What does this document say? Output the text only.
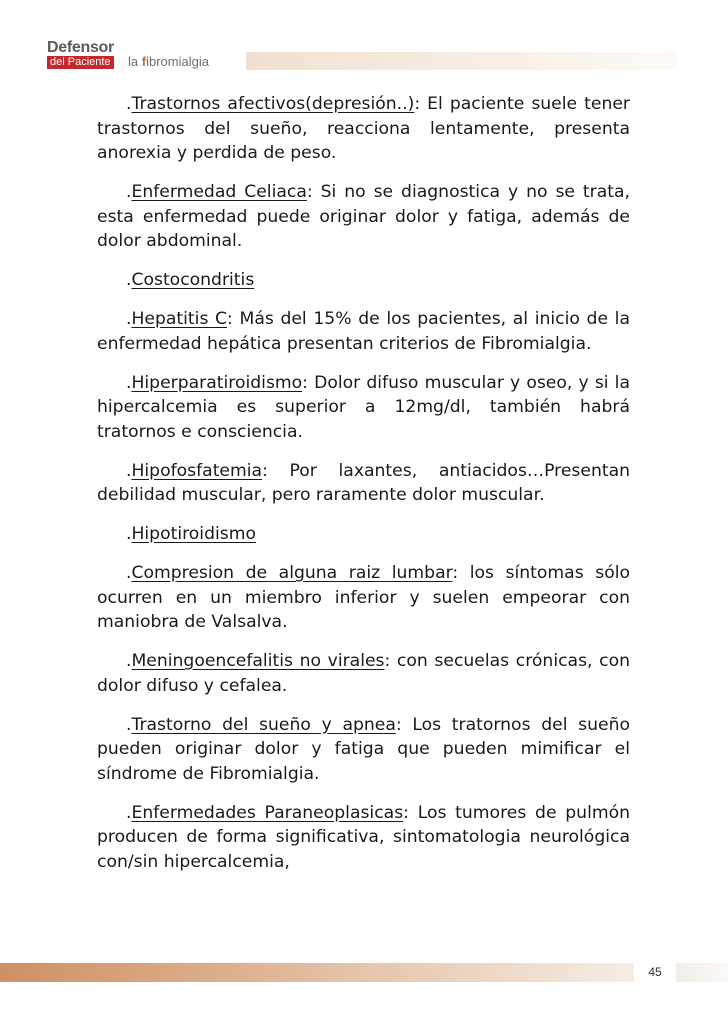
Defensor
del Paciente la fibromialgia

.Trastornos afectivos(depresión..): El paciente suele tener trastornos del sueño, reacciona lentamente, presenta anorexia y perdida de peso.

.Enfermedad Celiaca: Si no se diagnostica y no se trata, esta enfermedad puede originar dolor y fatiga, además de dolor abdominal.

.Costocondritis

.Hepatitis C: Más del 15% de los pacientes, al inicio de la enfermedad hepática presentan criterios de Fibromialgia.

.Hiperparatiroidismo: Dolor difuso muscular y oseo, y si la hipercalcemia es superior a 12mg/dl, también habrá tratornos e consciencia.

.Hipofosfatemia: Por laxantes, antiacidos…Presentan debilidad muscular, pero raramente dolor muscular.

.Hipotiroidismo

.Compresion de alguna raiz lumbar: los síntomas sólo ocurren en un miembro inferior y suelen empeorar con maniobra de Valsalva.

.Meningoencefalitis no virales: con secuelas crónicas, con dolor difuso y cefalea.

.Trastorno del sueño y apnea: Los tratornos del sueño pueden originar dolor y fatiga que pueden mimificar el síndrome de Fibromialgia.

.Enfermedades Paraneoplasicas: Los tumores de pulmón producen de forma significativa, sintomatologia neurológica con/sin hipercalcemia,

45
